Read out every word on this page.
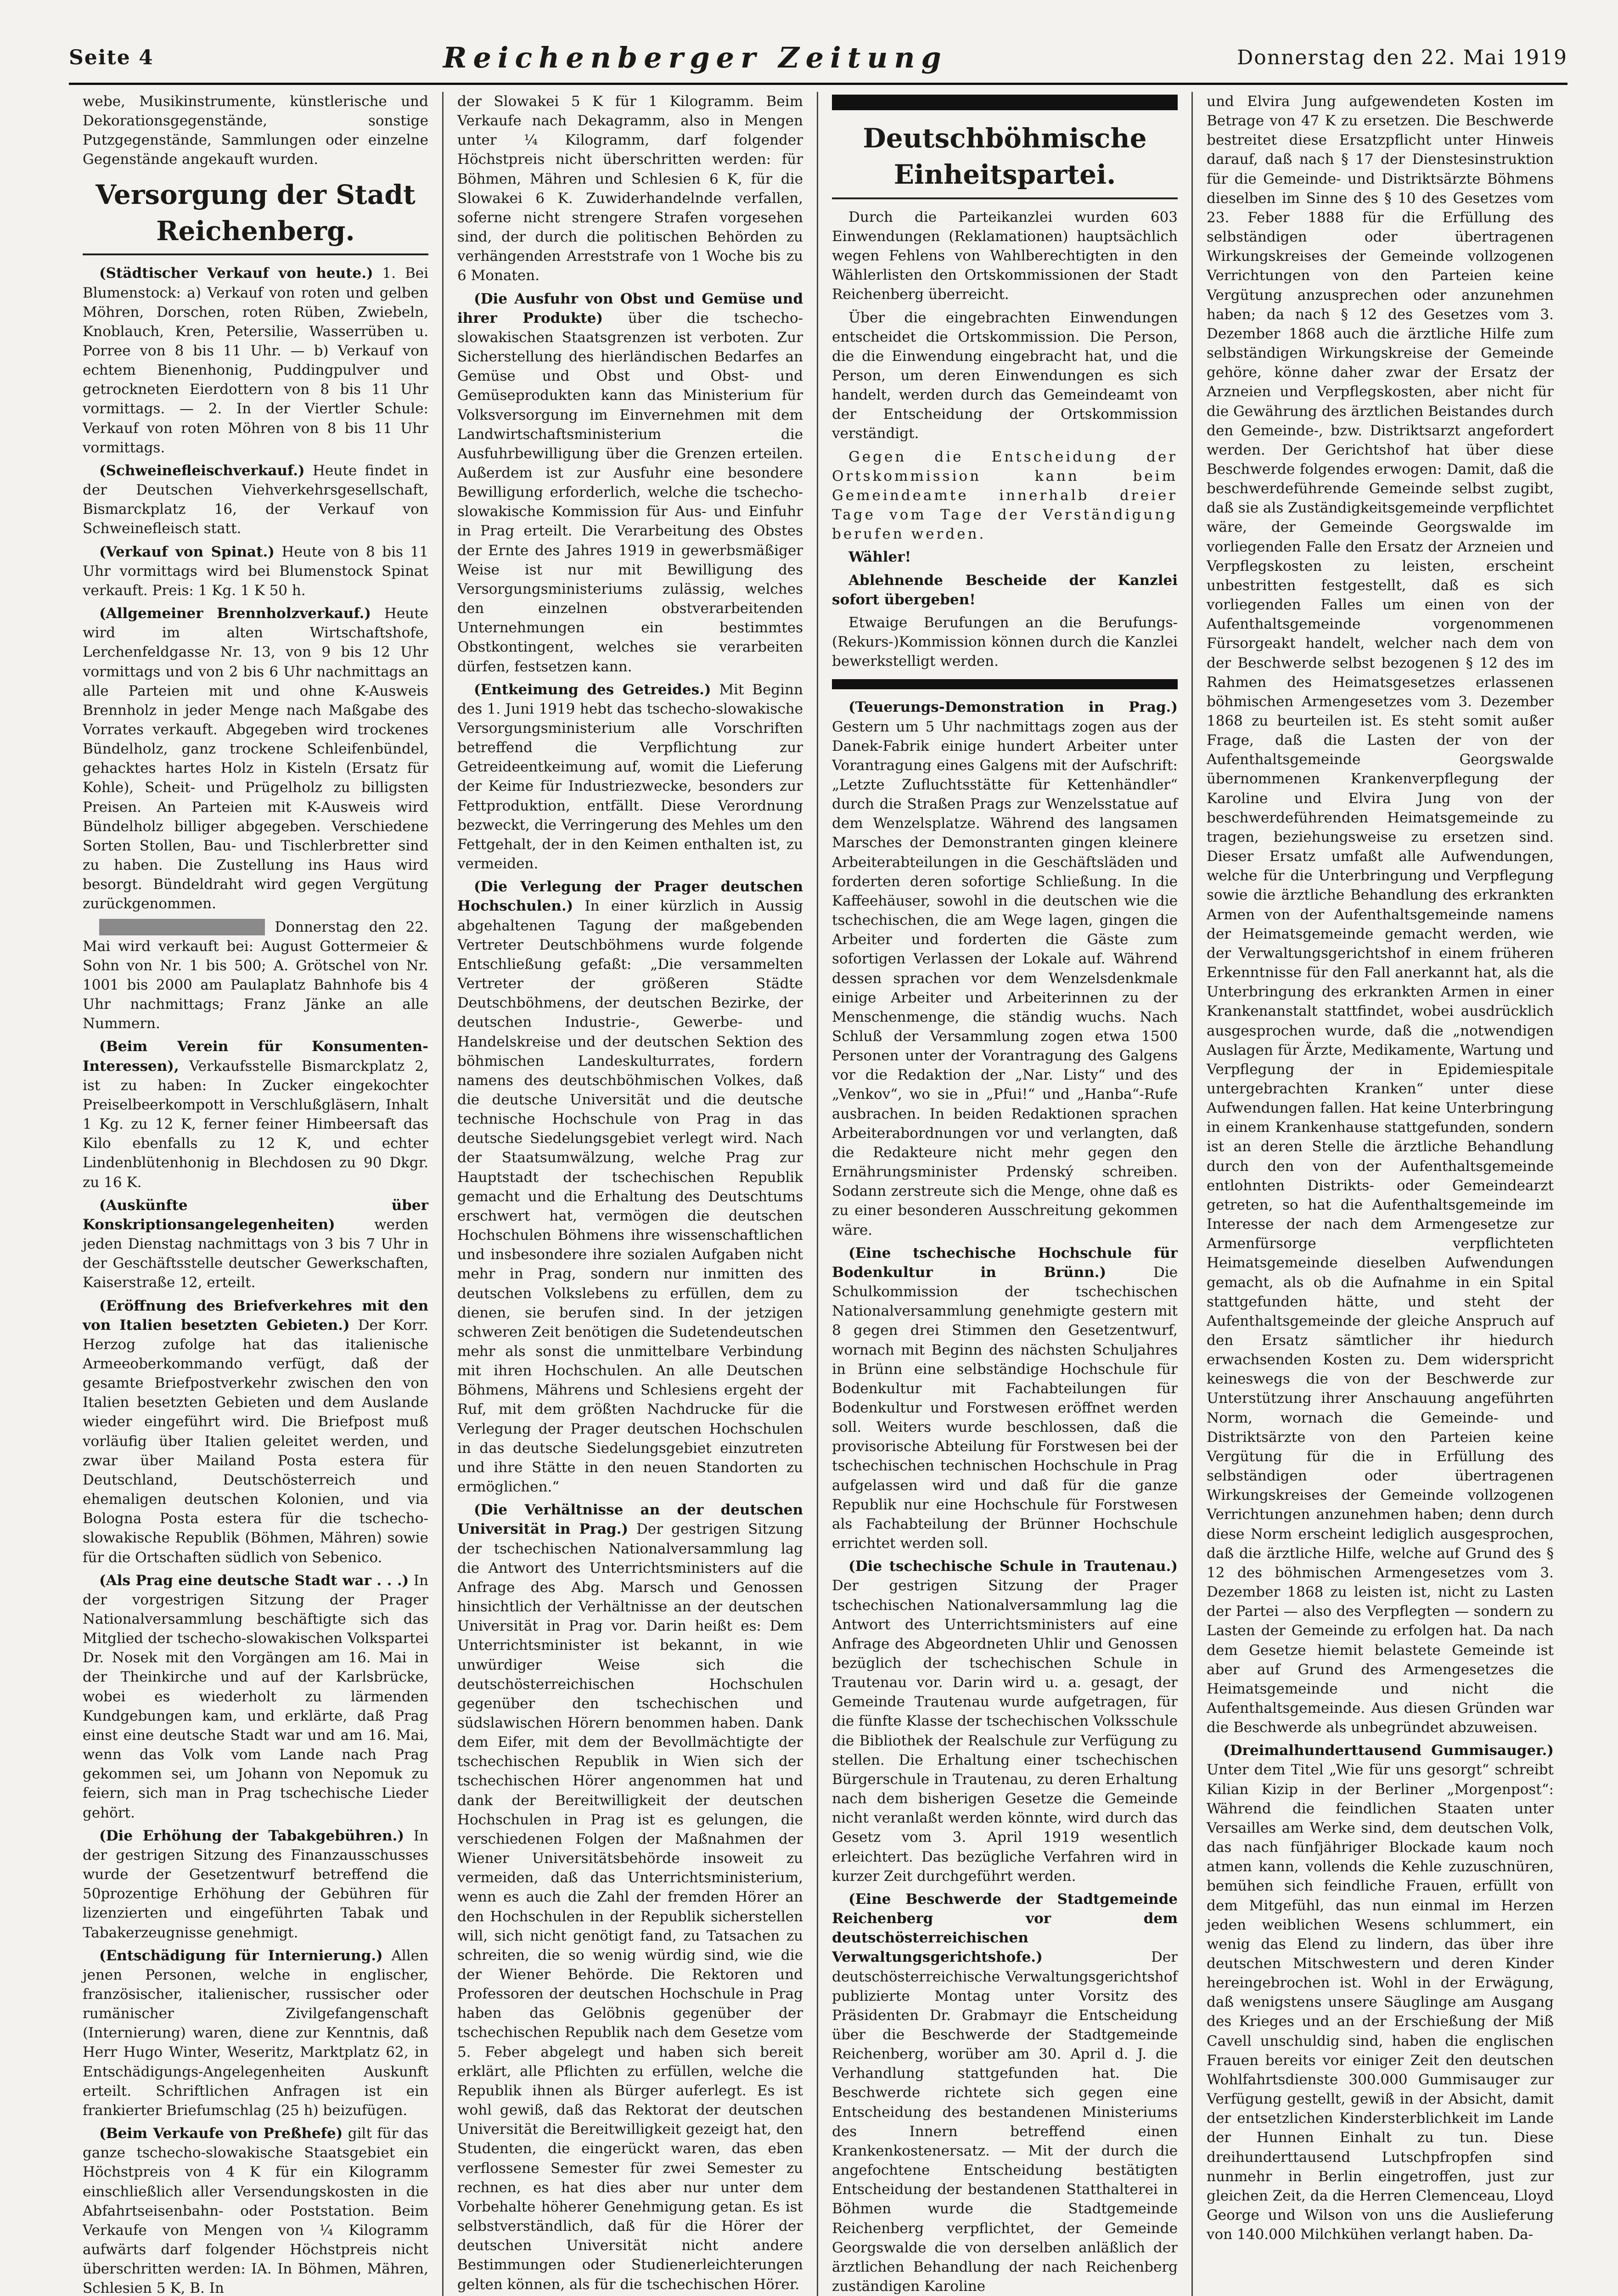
Seite 4	Reichenberger Zeitung	Donnerstag den 22. Mai 1919

webe, Musikinstrumente, künstlerische und Dekorationsgegenstände, sonstige Putzgegenstände, Sammlungen oder einzelne Gegenstände angekauft wurden.

Versorgung der Stadt Reichenberg.

(Städtischer Verkauf von heute.) 1. Bei Blumenstock: a) Verkauf von roten und gelben Möhren, Dorschen, roten Rüben, Zwiebeln, Knoblauch, Kren, Petersilie, Wasserrüben u. Porree von 8 bis 11 Uhr. — b) Verkauf von echtem Bienenhonig, Puddingpulver und getrockneten Eierdottern von 8 bis 11 Uhr vormittags. — 2. In der Viertler Schule: Verkauf von roten Möhren von 8 bis 11 Uhr vormittags.

(Schweinefleischverkauf.) Heute findet in der Deutschen Viehverkehrsgesellschaft, Bismarckplatz 16, der Verkauf von Schweinefleisch statt.

(Verkauf von Spinat.) Heute von 8 bis 11 Uhr vormittags wird bei Blumenstock Spinat verkauft. Preis: 1 Kg. 1 K 50 h.

(Allgemeiner Brennholzverkauf.) Heute wird im alten Wirtschaftshofe, Lerchenfeldgasse Nr. 13, von 9 bis 12 Uhr vormittags und von 2 bis 6 Uhr nachmittags an alle Parteien mit und ohne K-Ausweis Brennholz in jeder Menge nach Maßgabe des Vorrates verkauft. Abgegeben wird trockenes Bündelholz, ganz trockene Schleifenbündel, gehacktes hartes Holz in Kisteln (Ersatz für Kohle), Scheit- und Prügelholz zu billigsten Preisen. An Parteien mit K-Ausweis wird Bündelholz billiger abgegeben. Verschiedene Sorten Stollen, Bau- und Tischlerbretter sind zu haben. Die Zustellung ins Haus wird besorgt. Bündeldraht wird gegen Vergütung zurückgenommen.

(Kohlenversorgung.) Donnerstag den 22. Mai wird verkauft bei: August Gottermeier & Sohn von Nr. 1 bis 500; A. Grötschel von Nr. 1001 bis 2000 am Paulaplatz Bahnhofe bis 4 Uhr nachmittags; Franz Jänke an alle Nummern.

(Beim Verein für Konsumenten-Interessen), Verkaufsstelle Bismarckplatz 2, ist zu haben: In Zucker eingekochter Preiselbeerkompott in Verschlußgläsern, Inhalt 1 Kg. zu 12 K, ferner feiner Himbeersaft das Kilo ebenfalls zu 12 K, und echter Lindenblütenhonig in Blechdosen zu 90 Dkgr. zu 16 K.

(Auskünfte über Konskriptionsangelegenheiten)	werden jeden Dienstag nachmittags von 3 bis 7 Uhr in der Geschäftsstelle deutscher Gewerkschaften, Kaiserstraße 12, erteilt.

(Eröffnung des Briefverkehres mit den von Italien besetzten Gebieten.) Der Korr. Herzog zufolge hat das italienische Armeeoberkommando verfügt, daß der gesamte Briefpostverkehr zwischen den von Italien besetzten Gebieten und dem Auslande wieder eingeführt wird. Die Briefpost muß vorläufig über Italien geleitet werden, und zwar über Mailand Posta estera für Deutschland, Deutschösterreich und ehemaligen deutschen Kolonien, und via Bologna Posta estera für die tschecho-slowakische Republik (Böhmen, Mähren) sowie für die Ortschaften südlich von Sebenico.

(Als Prag eine deutsche Stadt war . . .) In der vorgestrigen Sitzung der Prager Nationalversammlung beschäftigte sich das Mitglied der tschecho-slowakischen Volkspartei Dr. Nosek mit den Vorgängen am 16. Mai in der Theinkirche und auf der Karlsbrücke, wobei es wiederholt zu lärmenden Kundgebungen kam, und erklärte, daß Prag einst eine deutsche Stadt war und am 16. Mai, wenn das Volk vom Lande nach Prag gekommen sei, um Johann von Nepomuk zu feiern, sich man in Prag tschechische Lieder gehört.

(Die Erhöhung der Tabakgebühren.) In der gestrigen Sitzung des Finanzausschusses wurde der Gesetzentwurf betreffend die 50prozentige Erhöhung der Gebühren für lizenzierten und eingeführten Tabak und Tabakerzeugnisse genehmigt.

(Entschädigung für Internierung.) Allen jenen Personen, welche in englischer, französischer, italienischer, russischer oder rumänischer Zivilgefangenschaft (Internierung) waren, diene zur Kenntnis, daß Herr Hugo Winter, Weseritz, Marktplatz 62, in Entschädigungs-Angelegenheiten Auskunft erteilt. Schriftlichen Anfragen ist ein frankierter Briefumschlag (25 h) beizufügen.

(Beim Verkaufe von Preßhefe) gilt für das ganze tschecho-slowakische Staatsgebiet ein Höchstpreis von 4 K für ein Kilogramm einschließlich aller Versendungskosten in die Abfahrtseisenbahn- oder Poststation. Beim Verkaufe von Mengen von ¼ Kilogramm aufwärts darf folgender Höchstpreis nicht überschritten werden: IA. In Böhmen, Mähren, Schlesien 5 K, B. In

der Slowakei 5 K für 1 Kilogramm. Beim Verkaufe nach Dekagramm, also in Mengen unter ¼ Kilogramm, darf folgender Höchstpreis nicht überschritten werden: für Böhmen, Mähren und Schlesien 6 K, für die Slowakei 6 K. Zuwiderhandelnde verfallen, soferne nicht strengere Strafen vorgesehen sind, der durch die politischen Behörden zu verhängenden Arreststrafe von 1 Woche bis zu 6 Monaten.

(Die Ausfuhr von Obst und Gemüse und ihrer Produkte) über die tschecho-slowakischen Staatsgrenzen ist verboten. Zur Sicherstellung des hierländischen Bedarfes an Gemüse und Obst und Obst- und Gemüseprodukten kann das Ministerium für Volksversorgung im Einvernehmen mit dem Landwirtschaftsministerium die Ausfuhrbewilligung über die Grenzen erteilen. Außerdem ist zur Ausfuhr eine besondere Bewilligung erforderlich, welche die tschecho-slowakische Kommission für Aus- und Einfuhr in Prag erteilt. Die Verarbeitung des Obstes der Ernte des Jahres 1919 in gewerbsmäßiger Weise ist nur mit Bewilligung des Versorgungsministeriums zulässig, welches den einzelnen obstverarbeitenden Unternehmungen ein bestimmtes Obstkontingent, welches sie verarbeiten dürfen, festsetzen kann.

(Entkeimung des Getreides.) Mit Beginn des 1. Juni 1919 hebt das tschecho-slowakische Versorgungsministerium alle Vorschriften betreffend die Verpflichtung zur Getreideentkeimung auf, womit die Lieferung der Keime für Industriezwecke, besonders zur Fettproduktion, entfällt. Diese Verordnung bezweckt, die Verringerung des Mehles um den Fettgehalt, der in den Keimen enthalten ist, zu vermeiden.

(Die Verlegung der Prager deutschen Hochschulen.) In einer kürzlich in Aussig abgehaltenen Tagung der maßgebenden Vertreter Deutschböhmens wurde folgende Entschließung gefaßt: „Die versammelten Vertreter der größeren Städte Deutschböhmens, der deutschen Bezirke, der deutschen Industrie-, Gewerbe- und Handelskreise und der deutschen Sektion des böhmischen Landeskulturrates, fordern namens des deutschböhmischen Volkes, daß die deutsche Universität und die deutsche technische Hochschule von Prag in das deutsche Siedelungsgebiet verlegt wird. Nach der Staatsumwälzung, welche Prag zur Hauptstadt der tschechischen Republik gemacht und die Erhaltung des Deutschtums erschwert hat, vermögen die deutschen Hochschulen Böhmens ihre wissenschaftlichen und insbesondere ihre sozialen Aufgaben nicht mehr in Prag, sondern nur inmitten des deutschen Volkslebens zu erfüllen, dem zu dienen, sie berufen sind. In der jetzigen schweren Zeit benötigen die Sudetendeutschen mehr als sonst die unmittelbare Verbindung mit ihren Hochschulen. An alle Deutschen Böhmens, Mährens und Schlesiens ergeht der Ruf, mit dem größten Nachdrucke für die Verlegung der Prager deutschen Hochschulen in das deutsche Siedelungsgebiet einzutreten und ihre Stätte in den neuen Standorten zu ermöglichen.“

(Die Verhältnisse an der deutschen Universität in Prag.) Der gestrigen Sitzung der tschechischen Nationalversammlung lag die Antwort des Unterrichtsministers auf die Anfrage des Abg. Marsch und Genossen hinsichtlich der Verhältnisse an der deutschen Universität in Prag vor. Darin heißt es: Dem Unterrichtsminister ist bekannt, in wie unwürdiger Weise sich die deutschösterreichischen Hochschulen gegenüber den tschechischen und südslawischen Hörern benommen haben. Dank dem Eifer, mit dem der Bevollmächtigte der tschechischen Republik in Wien sich der tschechischen Hörer angenommen hat und dank der Bereitwilligkeit der deutschen Hochschulen in Prag ist es gelungen, die verschiedenen Folgen der Maßnahmen der Wiener Universitätsbehörde insoweit zu vermeiden, daß das Unterrichtsministerium, wenn es auch die Zahl der fremden Hörer an den Hochschulen in der Republik sicherstellen will, sich nicht genötigt fand, zu Tatsachen zu schreiten, die so wenig würdig sind, wie die der Wiener Behörde. Die Rektoren und Professoren der deutschen Hochschule in Prag haben das Gelöbnis gegenüber der tschechischen Republik nach dem Gesetze vom 5. Feber abgelegt und haben sich bereit erklärt, alle Pflichten zu erfüllen, welche die Republik ihnen als Bürger auferlegt. Es ist wohl gewiß, daß das Rektorat der deutschen Universität die Bereitwilligkeit gezeigt hat, den Studenten, die eingerückt waren, das eben verflossene Semester für zwei Semester zu rechnen, es hat dies aber nur unter dem Vorbehalte höherer Genehmigung getan. Es ist selbstverständlich, daß für die Hörer der deutschen Universität nicht andere Bestimmungen oder Studienerleichterungen gelten können, als für die tschechischen Hörer.

Deutschböhmische Einheitspartei.

Durch die Parteikanzlei wurden 603 Einwendungen (Reklamationen) hauptsächlich wegen Fehlens von Wahlberechtigten in den Wählerlisten den Ortskommissionen der Stadt Reichenberg überreicht.

Über die eingebrachten Einwendungen entscheidet die Ortskommission. Die Person, die die Einwendung eingebracht hat, und die Person, um deren Einwendungen es sich handelt, werden durch das Gemeindeamt von der Entscheidung der Ortskommission verständigt.

Gegen die Entscheidung der Ortskommission kann beim Gemeindeamte innerhalb dreier Tage vom Tage der Verständigung berufen werden.

Wähler!

Ablehnende Bescheide der Kanzlei sofort übergeben!

Etwaige Berufungen an die Berufungs-(Rekurs-)Kommission können durch die Kanzlei bewerkstelligt werden.

(Teuerungs-Demonstration in Prag.) Gestern um 5 Uhr nachmittags zogen aus der Danek-Fabrik einige hundert Arbeiter unter Vorantragung eines Galgens mit der Aufschrift: „Letzte Zufluchtsstätte für Kettenhändler“ durch die Straßen Prags zur Wenzelsstatue auf dem Wenzelsplatze. Während des langsamen Marsches der Demonstranten gingen kleinere Arbeiterabteilungen in die Geschäftsläden und forderten deren sofortige Schließung. In die Kaffeehäuser, sowohl in die deutschen wie die tschechischen, die am Wege lagen, gingen die Arbeiter und forderten die Gäste zum sofortigen Verlassen der Lokale auf. Während dessen sprachen vor dem Wenzelsdenkmale einige Arbeiter und Arbeiterinnen zu der Menschenmenge, die ständig wuchs. Nach Schluß der Versammlung zogen etwa 1500 Personen unter der Vorantragung des Galgens vor die Redaktion der „Nar. Listy“ und des „Venkov“, wo sie in „Pfui!“ und „Hanba“-Rufe ausbrachen. In beiden Redaktionen sprachen Arbeiterabordnungen vor und verlangten, daß die Redakteure nicht mehr gegen den Ernährungsminister Prdenský schreiben. Sodann zerstreute sich die Menge, ohne daß es zu einer besonderen Ausschreitung gekommen wäre.

(Eine tschechische Hochschule für Bodenkultur in Brünn.)	Die Schulkommission der tschechischen Nationalversammlung genehmigte gestern mit 8 gegen drei Stimmen den Gesetzentwurf, wornach mit Beginn des nächsten Schuljahres in Brünn eine selbständige Hochschule für Bodenkultur mit Fachabteilungen für Bodenkultur und Forstwesen eröffnet werden soll. Weiters wurde beschlossen, daß die provisorische Abteilung für Forstwesen bei der tschechischen technischen Hochschule in Prag aufgelassen wird und daß für die ganze Republik nur eine Hochschule für Forstwesen als Fachabteilung der Brünner Hochschule errichtet werden soll.

(Die tschechische Schule in Trautenau.) Der gestrigen Sitzung der Prager tschechischen Nationalversammlung lag die Antwort des Unterrichtsministers auf eine Anfrage des Abgeordneten Uhlir und Genossen bezüglich der tschechischen Schule in Trautenau vor. Darin wird u. a. gesagt, der Gemeinde Trautenau wurde aufgetragen, für die fünfte Klasse der tschechischen Volksschule die Bibliothek der Realschule zur Verfügung zu stellen. Die Erhaltung einer tschechischen Bürgerschule in Trautenau, zu deren Erhaltung nach dem bisherigen Gesetze die Gemeinde nicht veranlaßt werden könnte, wird durch das Gesetz vom 3. April 1919 wesentlich erleichtert. Das bezügliche Verfahren wird in kurzer Zeit durchgeführt werden.

(Eine Beschwerde der Stadtgemeinde Reichenberg vor dem deutschösterreichischen Verwaltungsgerichtshofe.)	Der deutschösterreichische Verwaltungsgerichtshof publizierte Montag unter Vorsitz des Präsidenten Dr. Grabmayr die Entscheidung über die Beschwerde der Stadtgemeinde Reichenberg, worüber am 30. April d. J. die Verhandlung stattgefunden hat. Die Beschwerde richtete sich gegen eine Entscheidung des bestandenen Ministeriums des Innern betreffend einen Krankenkostenersatz. — Mit der durch die angefochtene Entscheidung bestätigten Entscheidung der bestandenen Statthalterei in Böhmen wurde die Stadtgemeinde Reichenberg verpflichtet, der Gemeinde Georgswalde die von derselben anläßlich der ärztlichen Behandlung der nach Reichenberg zuständigen Karoline

und Elvira Jung aufgewendeten Kosten im Betrage von 47 K zu ersetzen. Die Beschwerde bestreitet diese Ersatzpflicht unter Hinweis darauf, daß nach § 17 der Dienstesinstruktion für die Gemeinde- und Distriktsärzte Böhmens dieselben im Sinne des § 10 des Gesetzes vom 23. Feber 1888 für die Erfüllung des selbständigen oder übertragenen Wirkungskreises der Gemeinde vollzogenen Verrichtungen von den Parteien keine Vergütung anzusprechen oder anzunehmen haben; da nach § 12 des Gesetzes vom 3. Dezember 1868 auch die ärztliche Hilfe zum selbständigen Wirkungskreise der Gemeinde gehöre, könne daher zwar der Ersatz der Arzneien und Verpflegskosten, aber nicht für die Gewährung des ärztlichen Beistandes durch den Gemeinde-, bzw. Distriktsarzt angefordert werden. Der Gerichtshof hat über diese Beschwerde folgendes erwogen: Damit, daß die beschwerdeführende Gemeinde selbst zugibt, daß sie als Zuständigkeitsgemeinde verpflichtet wäre, der Gemeinde Georgswalde im vorliegenden Falle den Ersatz der Arzneien und Verpflegskosten zu leisten, erscheint unbestritten festgestellt, daß es sich vorliegenden Falles um einen von der Aufenthaltsgemeinde vorgenommenen Fürsorgeakt handelt, welcher nach dem von der Beschwerde selbst bezogenen § 12 des im Rahmen des Heimatsgesetzes erlassenen böhmischen Armengesetzes vom 3. Dezember 1868 zu beurteilen ist. Es steht somit außer Frage, daß die Lasten der von der Aufenthaltsgemeinde Georgswalde übernommenen Krankenverpflegung der Karoline und Elvira Jung von der beschwerdeführenden Heimatsgemeinde zu tragen, beziehungsweise zu ersetzen sind. Dieser Ersatz umfaßt alle Aufwendungen, welche für die Unterbringung und Verpflegung sowie die ärztliche Behandlung des erkrankten Armen von der Aufenthaltsgemeinde namens der Heimatsgemeinde gemacht werden, wie der Verwaltungsgerichtshof in einem früheren Erkenntnisse für den Fall anerkannt hat, als die Unterbringung des erkrankten Armen in einer Krankenanstalt stattfindet, wobei ausdrücklich ausgesprochen wurde, daß die „notwendigen Auslagen für Ärzte, Medikamente, Wartung und Verpflegung der in Epidemiespitale untergebrachten Kranken“ unter diese Aufwendungen fallen. Hat keine Unterbringung in einem Krankenhause stattgefunden, sondern ist an deren Stelle die ärztliche Behandlung durch den von der Aufenthaltsgemeinde entlohnten Distrikts- oder Gemeindearzt getreten, so hat die Aufenthaltsgemeinde im Interesse der nach dem Armengesetze zur Armenfürsorge verpflichteten Heimatsgemeinde dieselben Aufwendungen gemacht, als ob die Aufnahme in ein Spital stattgefunden hätte, und steht der Aufenthaltsgemeinde der gleiche Anspruch auf den Ersatz sämtlicher ihr hiedurch erwachsenden Kosten zu. Dem widerspricht keineswegs die von der Beschwerde zur Unterstützung ihrer Anschauung angeführten Norm, wornach die Gemeinde- und Distriktsärzte von den Parteien keine Vergütung für die in Erfüllung des selbständigen oder übertragenen Wirkungskreises der Gemeinde vollzogenen Verrichtungen anzunehmen haben; denn durch diese Norm erscheint lediglich ausgesprochen, daß die ärztliche Hilfe, welche auf Grund des § 12 des böhmischen Armengesetzes vom 3. Dezember 1868 zu leisten ist, nicht zu Lasten der Partei — also des Verpflegten — sondern zu Lasten der Gemeinde zu erfolgen hat. Da nach dem Gesetze hiemit belastete Gemeinde ist aber auf Grund des Armengesetzes die Heimatsgemeinde und nicht die Aufenthaltsgemeinde. Aus diesen Gründen war die Beschwerde als unbegründet abzuweisen.

(Dreimalhunderttausend Gummisauger.) Unter dem Titel „Wie für uns gesorgt“ schreibt Kilian Kizip in der Berliner „Morgenpost“: Während die feindlichen Staaten unter Versailles am Werke sind, dem deutschen Volk, das nach fünfjähriger Blockade kaum noch atmen kann, vollends die Kehle zuzuschnüren, bemühen sich feindliche Frauen, erfüllt von dem Mitgefühl, das nun einmal im Herzen jeden weiblichen Wesens schlummert, ein wenig das Elend zu lindern, das über ihre deutschen Mitschwestern und deren Kinder hereingebrochen ist. Wohl in der Erwägung, daß wenigstens unsere Säuglinge am Ausgang des Krieges und an der Erschießung der Miß Cavell unschuldig sind, haben die englischen Frauen bereits vor einiger Zeit den deutschen Wohlfahrtsdienste 300.000 Gummisauger zur Verfügung gestellt, gewiß in der Absicht, damit der entsetzlichen Kindersterblichkeit im Lande der Hunnen Einhalt zu tun. Diese dreihunderttausend Lutschpfropfen sind nunmehr in Berlin eingetroffen, just zur gleichen Zeit, da die Herren Clemenceau, Lloyd George und Wilson von uns die Auslieferung von 140.000 Milchkühen verlangt haben. Da-
